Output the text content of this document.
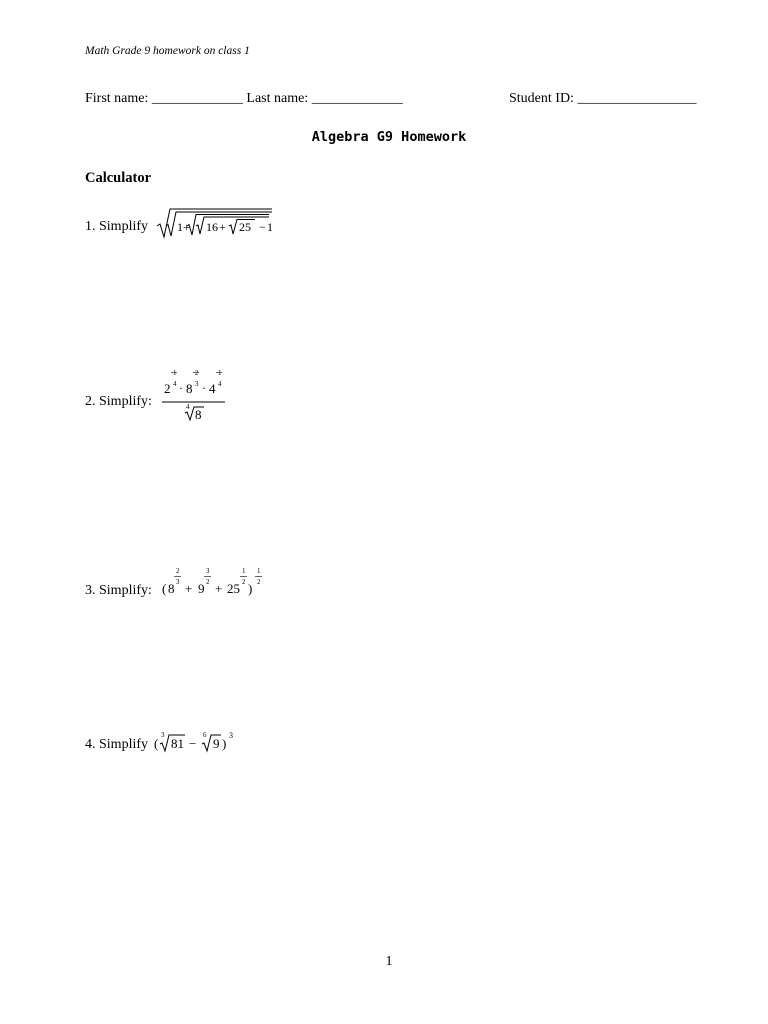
Math Grade 9 homework on class 1
First name: _____________ Last name: _____________	Student ID: _________________
Algebra G9 Homework
Calculator
1. Simplify 1 + 16 + 25 − 1
2. Simplify:
2
1
4 · 8
2
3 · 4
1
4
4 8
3. Simplify: ( 8
2
3 + 9
3
2 + 25
1
2 )
1
2
4. Simplify (
3
81 −
6
9 )
3
1
